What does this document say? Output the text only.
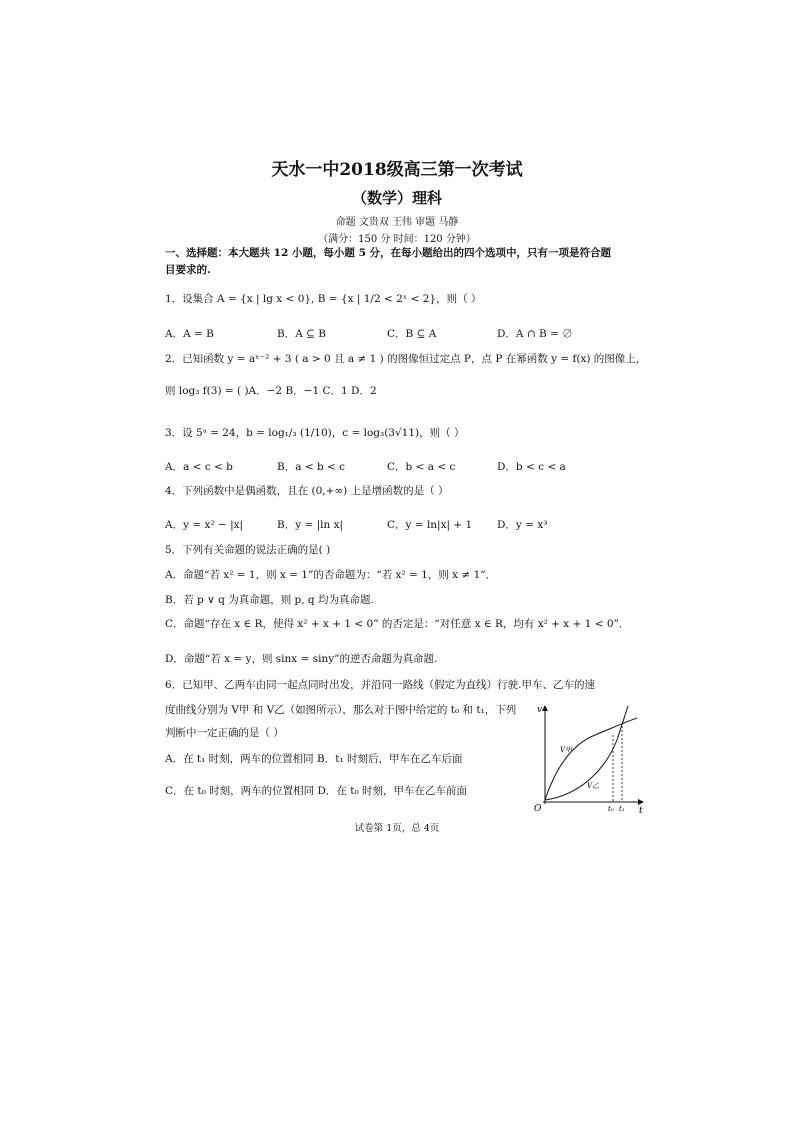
天水一中2018级高三第一次考试
（数学）理科
命题 文贵双 王伟 审题 马静
（满分：150 分 时间：120 分钟）
一、选择题：本大题共 12 小题，每小题 5 分，在每小题给出的四个选项中，只有一项是符合题
目要求的.
1．设集合 A = {x | lg x < 0}, B = {x | 1/2 < 2ˣ < 2}，则（ ）
A．A = B	B．A ⊆ B	C．B ⊆ A	D．A ∩ B = ∅
2．已知函数 y = aˣ⁻² + 3 ( a > 0 且 a ≠ 1 ) 的图像恒过定点 P，点 P 在幂函数 y = f(x) 的图像上，
则 log₃ f(3) = ( )A．−2 B．−1 C．1 D．2
3．设 5ᵃ = 24，b = log₁/₃ (1/10)，c = log₃(3√11)，则（ ）
A．a < c < b	B．a < b < c	C．b < a < c	D．b < c < a
4．下列函数中是偶函数，且在 (0,+∞) 上是增函数的是（ ）
A．y = x² − |x|	B．y = |ln x|	C．y = ln|x| + 1 D．y = x³
5．下列有关命题的说法正确的是( )
A．命题“若 x² = 1，则 x = 1”的否命题为：“若 x² = 1，则 x ≠ 1”．
B．若 p ∨ q 为真命题，则 p, q 均为真命题.
C．命题“存在 x ∈ R，使得 x² + x + 1 < 0” 的否定是：“对任意 x ∈ R，均有 x² + x + 1 < 0”．
D．命题“若 x = y，则 sinx = siny”的逆否命题为真命题.
6．已知甲、乙两车由同一起点同时出发，并沿同一路线（假定为直线）行驶.甲车、乙车的速
度曲线分别为 V甲 和 V乙（如图所示），那么对于图中给定的 t₀ 和 t₁，下列
判断中一定正确的是（ ）
A．在 t₁ 时刻，两车的位置相同 B．t₁ 时刻后，甲车在乙车后面
C．在 t₀ 时刻，两车的位置相同 D．在 t₀ 时刻，甲车在乙车前面
v
t
O
V甲
V乙
t₀ t₁
试卷第 1页，总 4页
